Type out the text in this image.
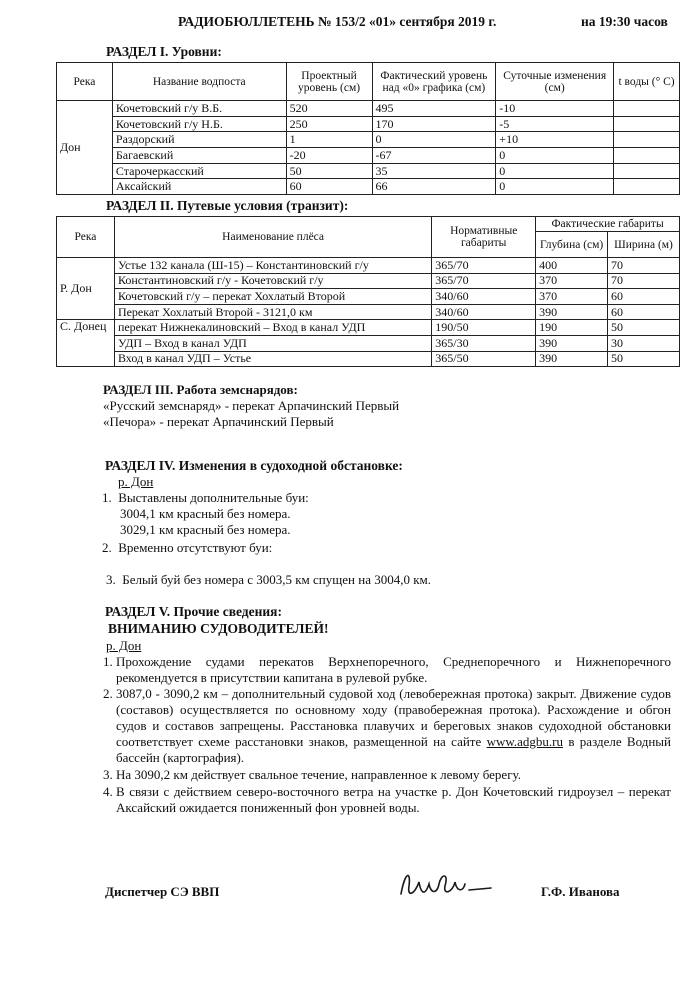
РАДИОБЮЛЛЕТЕНЬ № 153/2 «01» сентября 2019 г.	на 19:30 часов
РАЗДЕЛ I. Уровни:
Река	Название водпоста	Проектный уровень (см)	Фактический уровень над «0» графика (см)	Суточные изменения (см)	t воды (° C)
Дон	Кочетовский г/у В.Б.	520	495	-10	
	Кочетовский г/у Н.Б.	250	170	-5	
	Раздорский	1	0	+10	
	Багаевский	-20	-67	0	
	Старочеркасский	50	35	0	
	Аксайский	60	66	0	
РАЗДЕЛ II. Путевые условия (транзит):
Река	Наименование плёса	Нормативные габариты	Фактические габариты	
			Глубина (см)	Ширина (м)
Р. Дон	Устье 132 канала (Ш-15) – Константиновский г/у	365/70	400	70
	Константиновский г/у - Кочетовский г/у	365/70	370	70
	Кочетовский г/у – перекат Хохлатый Второй	340/60	370	60
	Перекат Хохлатый Второй - 3121,0 км	340/60	390	60
С. Донец	перекат Нижнекалиновский – Вход в канал УДП	190/50	190	50
	УДП – Вход в канал УДП	365/30	390	30
	Вход в канал УДП – Устье	365/50	390	50
РАЗДЕЛ III. Работа земснарядов:
«Русский земснаряд» - перекат Арпачинский Первый
«Печора» - перекат Арпачинский Первый
РАЗДЕЛ IV. Изменения в судоходной обстановке:
р. Дон
1.  Выставлены дополнительные буи:
3004,1 км красный без номера.
3029,1 км красный без номера.
2.  Временно отсутствуют буи:
3.  Белый буй без номера с 3003,5 км спущен на 3004,0 км.
РАЗДЕЛ V. Прочие сведения:
ВНИМАНИЮ СУДОВОДИТЕЛЕЙ!
р. Дон
1. Прохождение судами перекатов Верхнепоречного, Среднепоречного и Нижнепоречного рекомендуется в присутствии капитана в рулевой рубке.
2. 3087,0 - 3090,2 км – дополнительный судовой ход (левобережная протока) закрыт. Движение судов (составов) осуществляется по основному ходу (правобережная протока). Расхождение и обгон судов и составов запрещены. Расстановка плавучих и береговых знаков судоходной обстановки соответствует схеме расстановки знаков, размещенной на сайте www.adgbu.ru в разделе Водный бассейн (картография).
3. На 3090,2 км действует свальное течение, направленное к левому берегу.
4. В связи с действием северо-восточного ветра на участке р. Дон Кочетовский гидроузел – перекат Аксайский ожидается пониженный фон уровней воды.
Диспетчер СЭ ВВП	Г.Ф. Иванова
